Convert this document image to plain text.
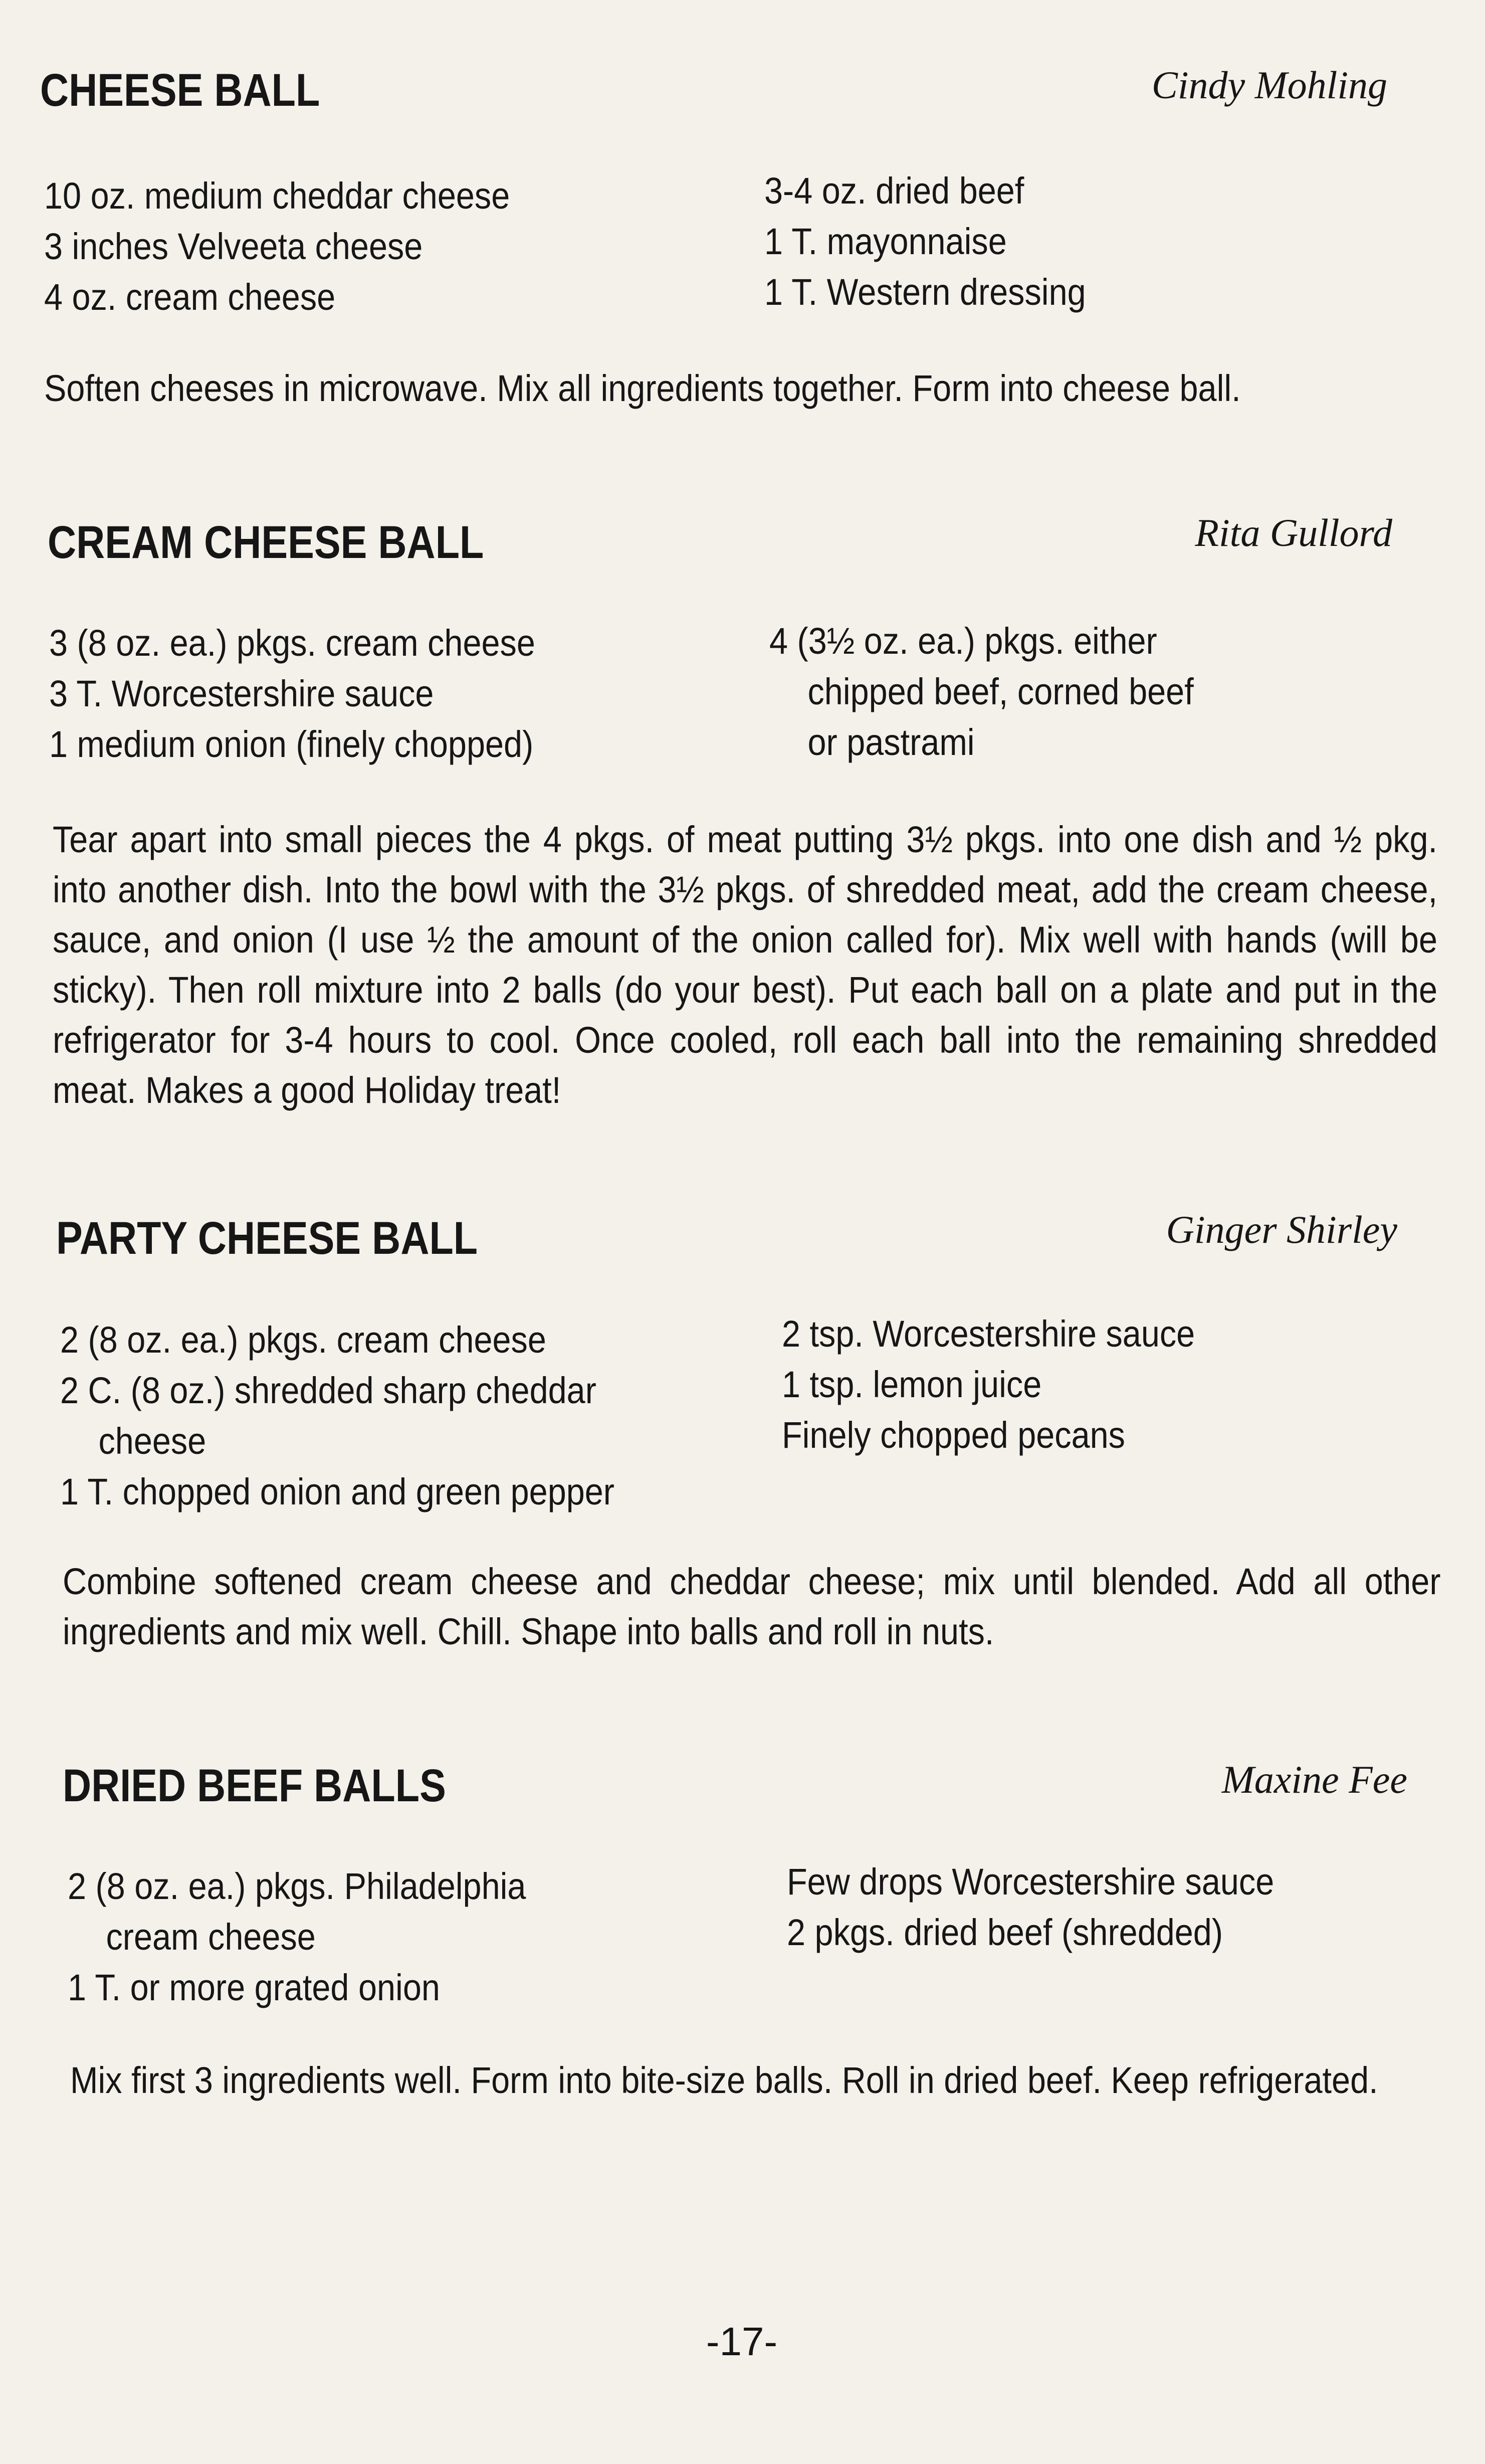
CHEESE BALL	Cindy Mohling
10 oz. medium cheddar cheese
3 inches Velveeta cheese
4 oz. cream cheese
3-4 oz. dried beef
1 T. mayonnaise
1 T. Western dressing
Soften cheeses in microwave. Mix all ingredients together. Form into cheese ball.
CREAM CHEESE BALL	Rita Gullord
3 (8 oz. ea.) pkgs. cream cheese
3 T. Worcestershire sauce
1 medium onion (finely chopped)
4 (3½ oz. ea.) pkgs. either
chipped beef, corned beef
or pastrami
Tear apart into small pieces the 4 pkgs. of meat putting 3½ pkgs. into one dish and ½ pkg. into another dish. Into the bowl with the 3½ pkgs. of shredded meat, add the cream cheese, sauce, and onion (I use ½ the amount of the onion called for). Mix well with hands (will be sticky). Then roll mixture into 2 balls (do your best). Put each ball on a plate and put in the refrigerator for 3-4 hours to cool. Once cooled, roll each ball into the remaining shredded meat. Makes a good Holiday treat!
PARTY CHEESE BALL	Ginger Shirley
2 (8 oz. ea.) pkgs. cream cheese
2 C. (8 oz.) shredded sharp cheddar
cheese
1 T. chopped onion and green pepper
2 tsp. Worcestershire sauce
1 tsp. lemon juice
Finely chopped pecans
Combine softened cream cheese and cheddar cheese; mix until blended. Add all other ingredients and mix well. Chill. Shape into balls and roll in nuts.
DRIED BEEF BALLS	Maxine Fee
2 (8 oz. ea.) pkgs. Philadelphia
cream cheese
1 T. or more grated onion
Few drops Worcestershire sauce
2 pkgs. dried beef (shredded)
Mix first 3 ingredients well. Form into bite-size balls. Roll in dried beef. Keep refrigerated.
-17-
